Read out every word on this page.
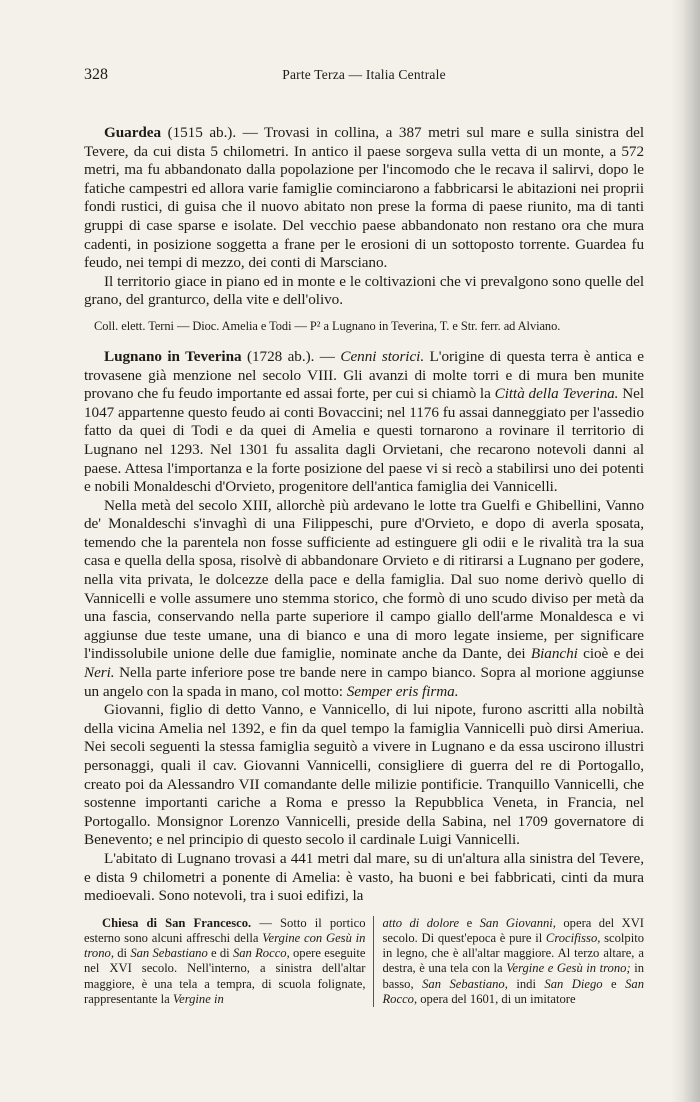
328	Parte Terza — Italia Centrale

Guardea (1515 ab.). — Trovasi in collina, a 387 metri sul mare e sulla sinistra del Tevere, da cui dista 5 chilometri. In antico il paese sorgeva sulla vetta di un monte, a 572 metri, ma fu abbandonato dalla popolazione per l'incomodo che le recava il salirvi, dopo le fatiche campestri ed allora varie famiglie cominciarono a fabbricarsi le abitazioni nei proprii fondi rustici, di guisa che il nuovo abitato non prese la forma di paese riunito, ma di tanti gruppi di case sparse e isolate. Del vecchio paese abbandonato non restano ora che mura cadenti, in posizione soggetta a frane per le erosioni di un sottoposto torrente. Guardea fu feudo, nei tempi di mezzo, dei conti di Marsciano.

Il territorio giace in piano ed in monte e le coltivazioni che vi prevalgono sono quelle del grano, del granturco, della vite e dell'olivo.

Coll. elett. Terni — Dioc. Amelia e Todi — P² a Lugnano in Teverina, T. e Str. ferr. ad Alviano.

Lugnano in Teverina (1728 ab.). — Cenni storici. L'origine di questa terra è antica e trovasene già menzione nel secolo VIII. Gli avanzi di molte torri e di mura ben munite provano che fu feudo importante ed assai forte, per cui si chiamò la Città della Teverina. Nel 1047 appartenne questo feudo ai conti Bovaccini; nel 1176 fu assai danneggiato per l'assedio fatto da quei di Todi e da quei di Amelia e questi tornarono a rovinare il territorio di Lugnano nel 1293. Nel 1301 fu assalita dagli Orvietani, che recarono notevoli danni al paese. Attesa l'importanza e la forte posizione del paese vi si recò a stabilirsi uno dei potenti e nobili Monaldeschi d'Orvieto, progenitore dell'antica famiglia dei Vannicelli.

Nella metà del secolo XIII, allorchè più ardevano le lotte tra Guelfi e Ghibellini, Vanno de' Monaldeschi s'invaghì di una Filippeschi, pure d'Orvieto, e dopo di averla sposata, temendo che la parentela non fosse sufficiente ad estinguere gli odii e le rivalità tra la sua casa e quella della sposa, risolvè di abbandonare Orvieto e di ritirarsi a Lugnano per godere, nella vita privata, le dolcezze della pace e della famiglia. Dal suo nome derivò quello di Vannicelli e volle assumere uno stemma storico, che formò di uno scudo diviso per metà da una fascia, conservando nella parte superiore il campo giallo dell'arme Monaldesca e vi aggiunse due teste umane, una di bianco e una di moro legate insieme, per significare l'indissolubile unione delle due famiglie, nominate anche da Dante, dei Bianchi cioè e dei Neri. Nella parte inferiore pose tre bande nere in campo bianco. Sopra al morione aggiunse un angelo con la spada in mano, col motto: Semper eris firma.

Giovanni, figlio di detto Vanno, e Vannicello, di lui nipote, furono ascritti alla nobiltà della vicina Amelia nel 1392, e fin da quel tempo la famiglia Vannicelli può dirsi Ameriua. Nei secoli seguenti la stessa famiglia seguitò a vivere in Lugnano e da essa uscirono illustri personaggi, quali il cav. Giovanni Vannicelli, consigliere di guerra del re di Portogallo, creato poi da Alessandro VII comandante delle milizie pontificie. Tranquillo Vannicelli, che sostenne importanti cariche a Roma e presso la Repubblica Veneta, in Francia, nel Portogallo. Monsignor Lorenzo Vannicelli, preside della Sabina, nel 1709 governatore di Benevento; e nel principio di questo secolo il cardinale Luigi Vannicelli.

L'abitato di Lugnano trovasi a 441 metri dal mare, su di un'altura alla sinistra del Tevere, e dista 9 chilometri a ponente di Amelia: è vasto, ha buoni e bei fabbricati, cinti da mura medioevali. Sono notevoli, tra i suoi edifizi, la

Chiesa di San Francesco. — Sotto il portico esterno sono alcuni affreschi della Vergine con Gesù in trono, di San Sebastiano e di San Rocco, opere eseguite nel XVI secolo. Nell'interno, a sinistra dell'altar maggiore, è una tela a tempra, di scuola folignate, rappresentante la Vergine in
atto di dolore e San Giovanni, opera del XVI secolo. Di quest'epoca è pure il Crocifisso, scolpito in legno, che è all'altar maggiore. Al terzo altare, a destra, è una tela con la Vergine e Gesù in trono; in basso, San Sebastiano, indi San Diego e San Rocco, opera del 1601, di un imitatore
